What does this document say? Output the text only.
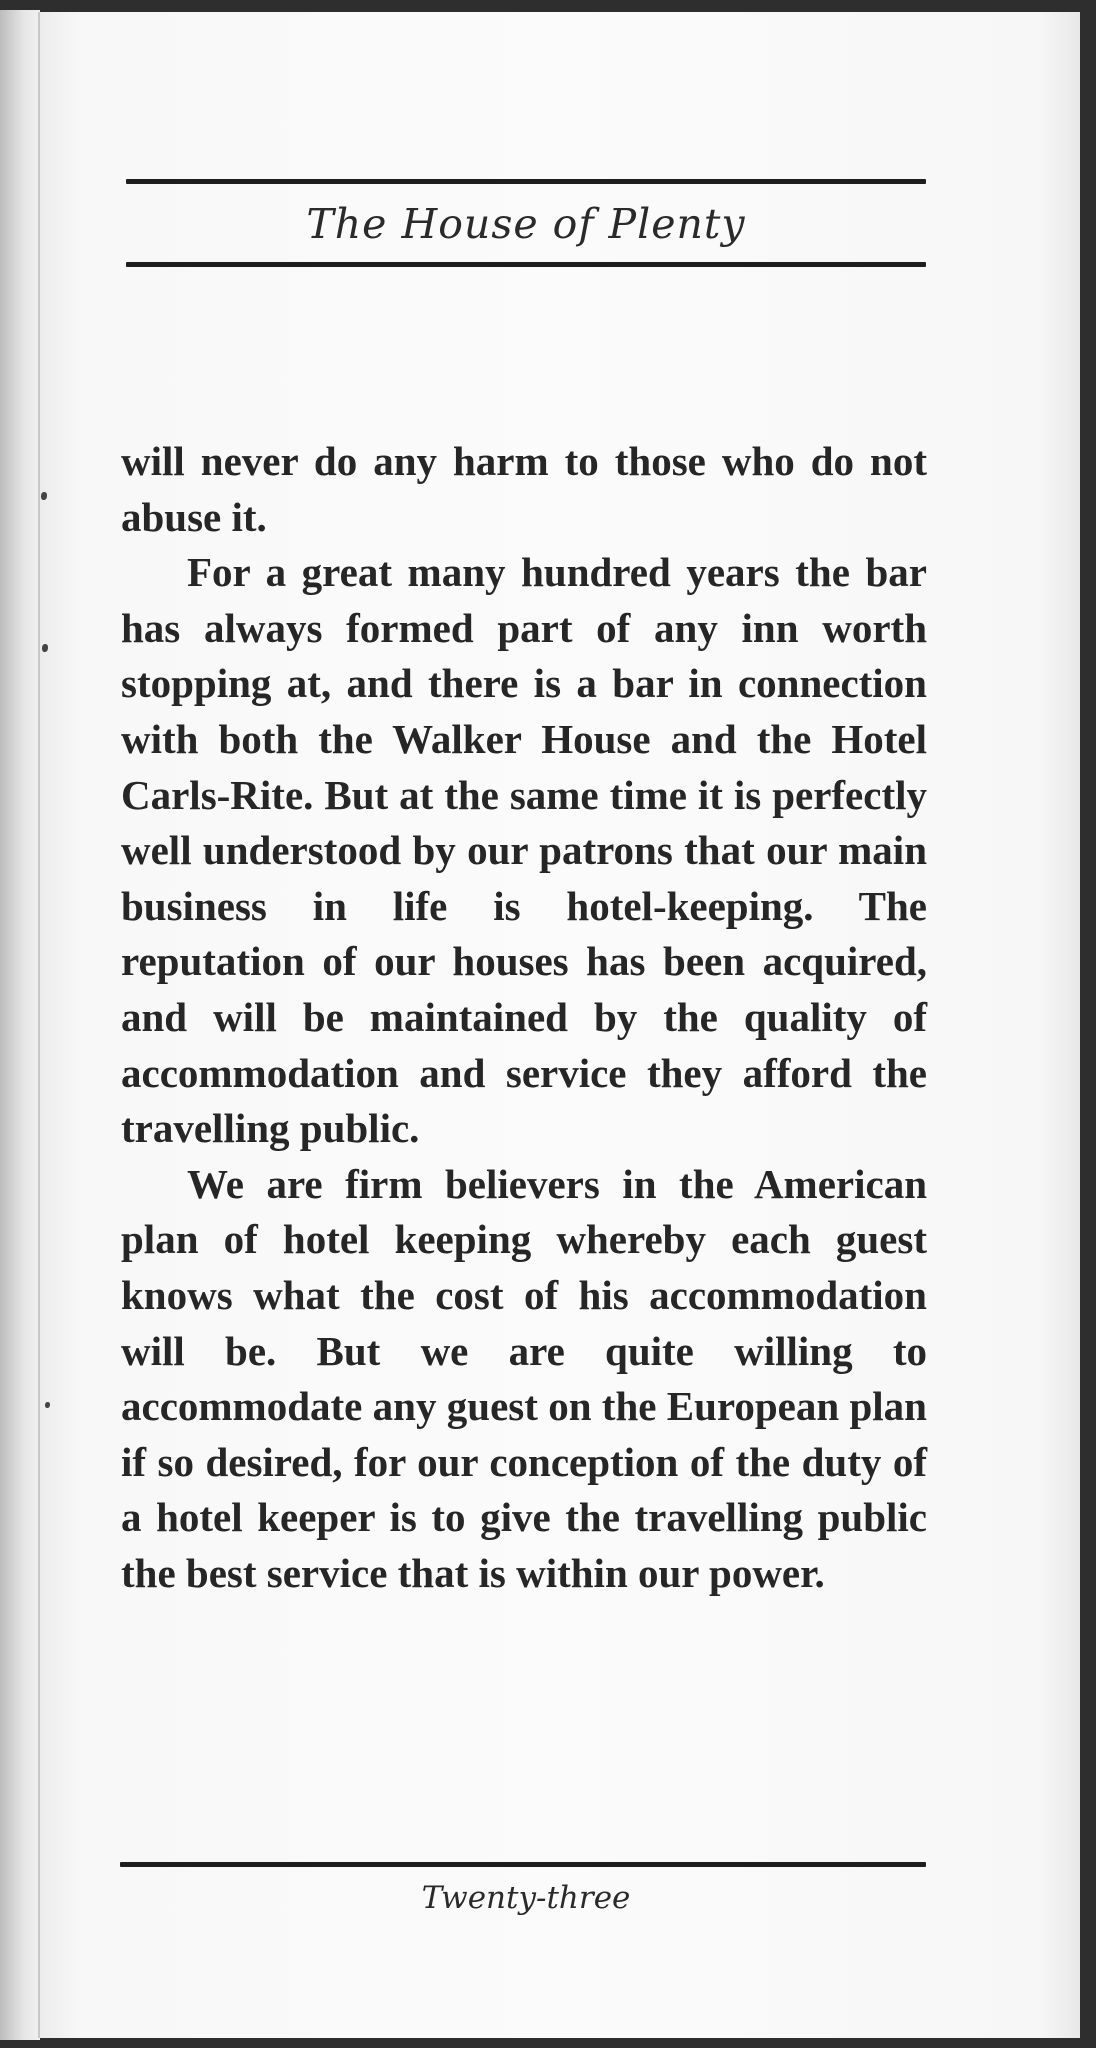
The House of Plenty

will never do any harm to those who do not abuse it.

For a great many hundred years the bar has always formed part of any inn worth stopping at, and there is a bar in connection with both the Walker House and the Hotel Carls-Rite. But at the same time it is perfectly well understood by our patrons that our main business in life is hotel-keeping. The reputation of our houses has been acquired, and will be maintained by the quality of accommodation and service they afford the travelling public.

We are firm believers in the American plan of hotel keeping whereby each guest knows what the cost of his accommodation will be. But we are quite willing to accommodate any guest on the European plan if so desired, for our conception of the duty of a hotel keeper is to give the travelling public the best service that is within our power.

Twenty-three
